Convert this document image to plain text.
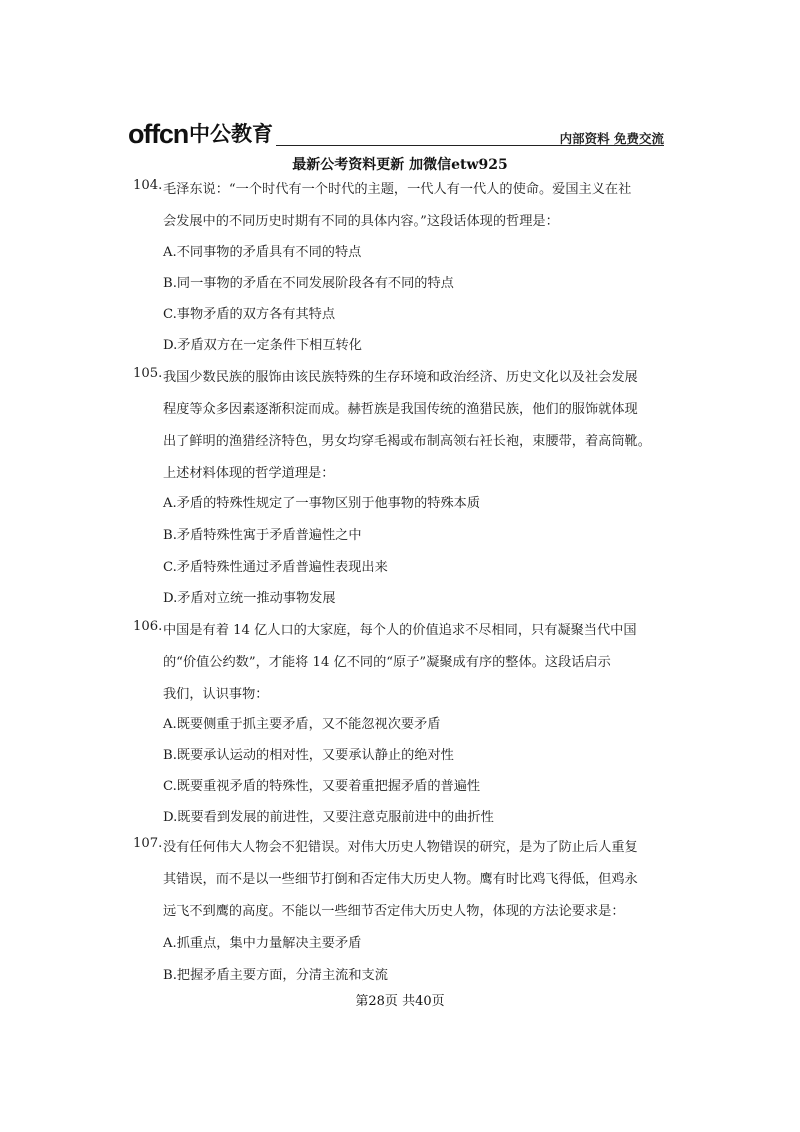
offcn 中公教育	内部资料 免费交流
最新公考资料更新 加微信etw925
104. 毛泽东说：“一个时代有一个时代的主题，一代人有一代人的使命。爱国主义在社
会发展中的不同历史时期有不同的具体内容。”这段话体现的哲理是：
A.不同事物的矛盾具有不同的特点
B.同一事物的矛盾在不同发展阶段各有不同的特点
C.事物矛盾的双方各有其特点
D.矛盾双方在一定条件下相互转化
105. 我国少数民族的服饰由该民族特殊的生存环境和政治经济、历史文化以及社会发展
程度等众多因素逐渐积淀而成。赫哲族是我国传统的渔猎民族，他们的服饰就体现
出了鲜明的渔猎经济特色，男女均穿毛褐或布制高领右衽长袍，束腰带，着高筒靴。
上述材料体现的哲学道理是：
A.矛盾的特殊性规定了一事物区别于他事物的特殊本质
B.矛盾特殊性寓于矛盾普遍性之中
C.矛盾特殊性通过矛盾普遍性表现出来
D.矛盾对立统一推动事物发展
106. 中国是有着 14 亿人口的大家庭，每个人的价值追求不尽相同，只有凝聚当代中国
的“价值公约数”，才能将 14 亿不同的“原子”凝聚成有序的整体。这段话启示
我们，认识事物：
A.既要侧重于抓主要矛盾，又不能忽视次要矛盾
B.既要承认运动的相对性，又要承认静止的绝对性
C.既要重视矛盾的特殊性，又要着重把握矛盾的普遍性
D.既要看到发展的前进性，又要注意克服前进中的曲折性
107. 没有任何伟大人物会不犯错误。对伟大历史人物错误的研究，是为了防止后人重复
其错误，而不是以一些细节打倒和否定伟大历史人物。鹰有时比鸡飞得低，但鸡永
远飞不到鹰的高度。不能以一些细节否定伟大历史人物，体现的方法论要求是：
A.抓重点，集中力量解决主要矛盾
B.把握矛盾主要方面，分清主流和支流
第28页 共40页
